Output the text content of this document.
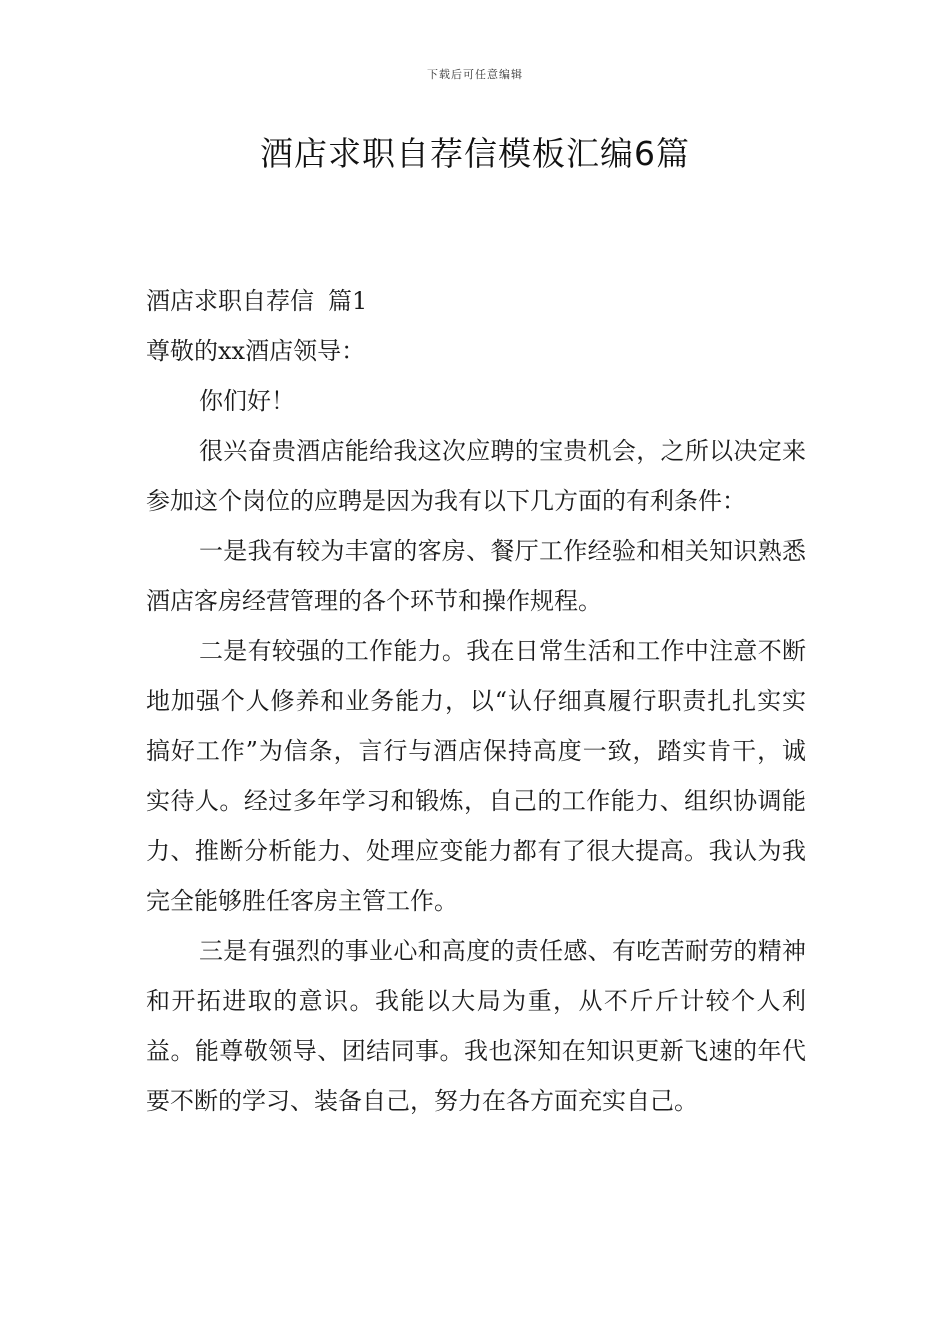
下载后可任意编辑
酒店求职自荐信模板汇编6篇

酒店求职自荐信 篇1

尊敬的xx酒店领导：

你们好！

很兴奋贵酒店能给我这次应聘的宝贵机会，之所以决定来参加这个岗位的应聘是因为我有以下几方面的有利条件：

一是我有较为丰富的客房、餐厅工作经验和相关知识熟悉酒店客房经营管理的各个环节和操作规程。

二是有较强的工作能力。我在日常生活和工作中注意不断地加强个人修养和业务能力，以“认仔细真履行职责扎扎实实搞好工作”为信条，言行与酒店保持高度一致，踏实肯干，诚实待人。经过多年学习和锻炼，自己的工作能力、组织协调能力、推断分析能力、处理应变能力都有了很大提高。我认为我完全能够胜任客房主管工作。

三是有强烈的事业心和高度的责任感、有吃苦耐劳的精神和开拓进取的意识。我能以大局为重，从不斤斤计较个人利益。能尊敬领导、团结同事。我也深知在知识更新飞速的年代要不断的学习、装备自己，努力在各方面充实自己。
